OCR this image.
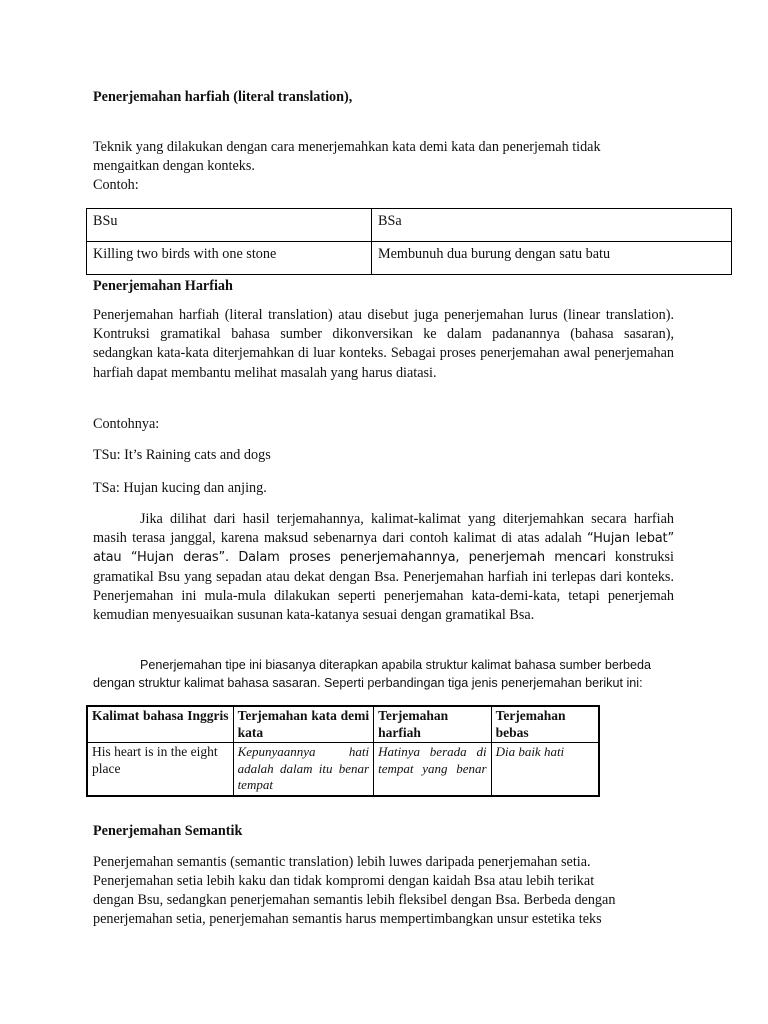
Penerjemahan harfiah (literal translation),

Teknik yang dilakukan dengan cara menerjemahkan kata demi kata dan penerjemah tidak

mengaitkan dengan konteks.

Contoh:

BSu	BSa
Killing two birds with one stone	Membunuh dua burung dengan satu batu

Penerjemahan Harfiah

Penerjemahan harfiah (literal translation) atau disebut juga penerjemahan lurus (linear translation). Kontruksi gramatikal bahasa sumber dikonversikan ke dalam padanannya (bahasa sasaran), sedangkan kata-kata diterjemahkan di luar konteks. Sebagai proses penerjemahan awal penerjemahan harfiah dapat membantu melihat masalah yang harus diatasi.

Contohnya:

TSu: It’s Raining cats and dogs

TSa: Hujan kucing dan anjing.

Jika dilihat dari hasil terjemahannya, kalimat-kalimat yang diterjemahkan secara harfiah masih terasa janggal, karena maksud sebenarnya dari contoh kalimat di atas adalah “Hujan lebat” atau “Hujan deras”. Dalam proses penerjemahannya, penerjemah mencari konstruksi gramatikal Bsu yang sepadan atau dekat dengan Bsa. Penerjemahan harfiah ini terlepas dari konteks. Penerjemahan ini mula-mula dilakukan seperti penerjemahan kata-demi-kata, tetapi penerjemah kemudian menyesuaikan susunan kata-katanya sesuai dengan gramatikal Bsa.

Penerjemahan tipe ini biasanya diterapkan apabila struktur kalimat bahasa sumber berbeda dengan struktur kalimat bahasa sasaran. Seperti perbandingan tiga jenis penerjemahan berikut ini:

Kalimat bahasa Inggris	Terjemahan kata demi kata	Terjemahan harfiah	Terjemahan bebas
His heart is in the eight place	Kepunyaannya hati adalah dalam itu benar tempat	Hatinya berada di tempat yang benar	Dia baik hati

Penerjemahan Semantik

Penerjemahan semantis (semantic translation) lebih luwes daripada penerjemahan setia.

Penerjemahan setia lebih kaku dan tidak kompromi dengan kaidah Bsa atau lebih terikat

dengan Bsu, sedangkan penerjemahan semantis lebih fleksibel dengan Bsa. Berbeda dengan

penerjemahan setia, penerjemahan semantis harus mempertimbangkan unsur estetika teks
